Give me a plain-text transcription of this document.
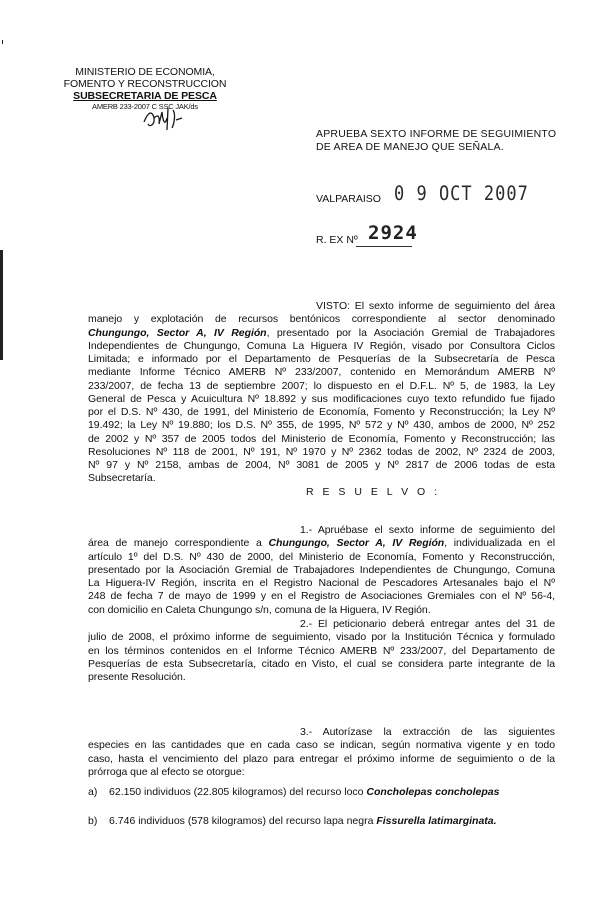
MINISTERIO DE ECONOMIA,
FOMENTO Y RECONSTRUCCION
SUBSECRETARIA DE PESCA
AMERB 233-2007 C SSC JAK/ds
APRUEBA SEXTO INFORME DE SEGUIMIENTO
DE AREA DE MANEJO QUE SEÑALA.
VALPARAISO 0 9 OCT 2007
R. EX Nº 2924
VISTO: El sexto informe de seguimiento del área
manejo y explotación de recursos bentónicos correspondiente al sector denominado
Chungungo, Sector A, IV Región, presentado por la Asociación Gremial de Trabajadores
Independientes de Chungungo, Comuna La Higuera IV Región, visado por Consultora Ciclos
Limitada; e informado por el Departamento de Pesquerías de la Subsecretaría de Pesca
mediante Informe Técnico AMERB Nº 233/2007, contenido en Memorándum AMERB Nº
233/2007, de fecha 13 de septiembre 2007; lo dispuesto en el D.F.L. Nº 5, de 1983, la Ley
General de Pesca y Acuicultura Nº 18.892 y sus modificaciones cuyo texto refundido fue fijado
por el D.S. Nº 430, de 1991, del Ministerio de Economía, Fomento y Reconstrucción; la Ley Nº
19.492; la Ley Nº 19.880; los D.S. Nº 355, de 1995, Nº 572 y Nº 430, ambos de 2000, Nº 252
de 2002 y Nº 357 de 2005 todos del Ministerio de Economía, Fomento y Reconstrucción; las
Resoluciones Nº 118 de 2001, Nº 191, Nº 1970 y Nº 2362 todas de 2002, Nº 2324 de 2003,
Nº 97 y Nº 2158, ambas de 2004, Nº 3081 de 2005 y Nº 2817 de 2006 todas de esta
Subsecretaría.
R E S U E L V O :
1.- Apruébase el sexto informe de seguimiento del
área de manejo correspondiente a Chungungo, Sector A, IV Región, individualizada en el
artículo 1º del D.S. Nº 430 de 2000, del Ministerio de Economía, Fomento y Reconstrucción,
presentado por la Asociación Gremial de Trabajadores Independientes de Chungungo, Comuna
La Higuera-IV Región, inscrita en el Registro Nacional de Pescadores Artesanales bajo el Nº
248 de fecha 7 de mayo de 1999 y en el Registro de Asociaciones Gremiales con el Nº 56-4,
con domicilio en Caleta Chungungo s/n, comuna de la Higuera, IV Región.
2.- El peticionario deberá entregar antes del 31 de
julio de 2008, el próximo informe de seguimiento, visado por la Institución Técnica y formulado
en los términos contenidos en el Informe Técnico AMERB Nº 233/2007, del Departamento de
Pesquerías de esta Subsecretaría, citado en Visto, el cual se considera parte integrante de la
presente Resolución.
3.- Autorízase la extracción de las siguientes
especies en las cantidades que en cada caso se indican, según normativa vigente y en todo
caso, hasta el vencimiento del plazo para entregar el próximo informe de seguimiento o de la
prórroga que al efecto se otorgue:
a) 62.150 individuos (22.805 kilogramos) del recurso loco Concholepas concholepas
b) 6.746 individuos (578 kilogramos) del recurso lapa negra Fissurella latimarginata.
